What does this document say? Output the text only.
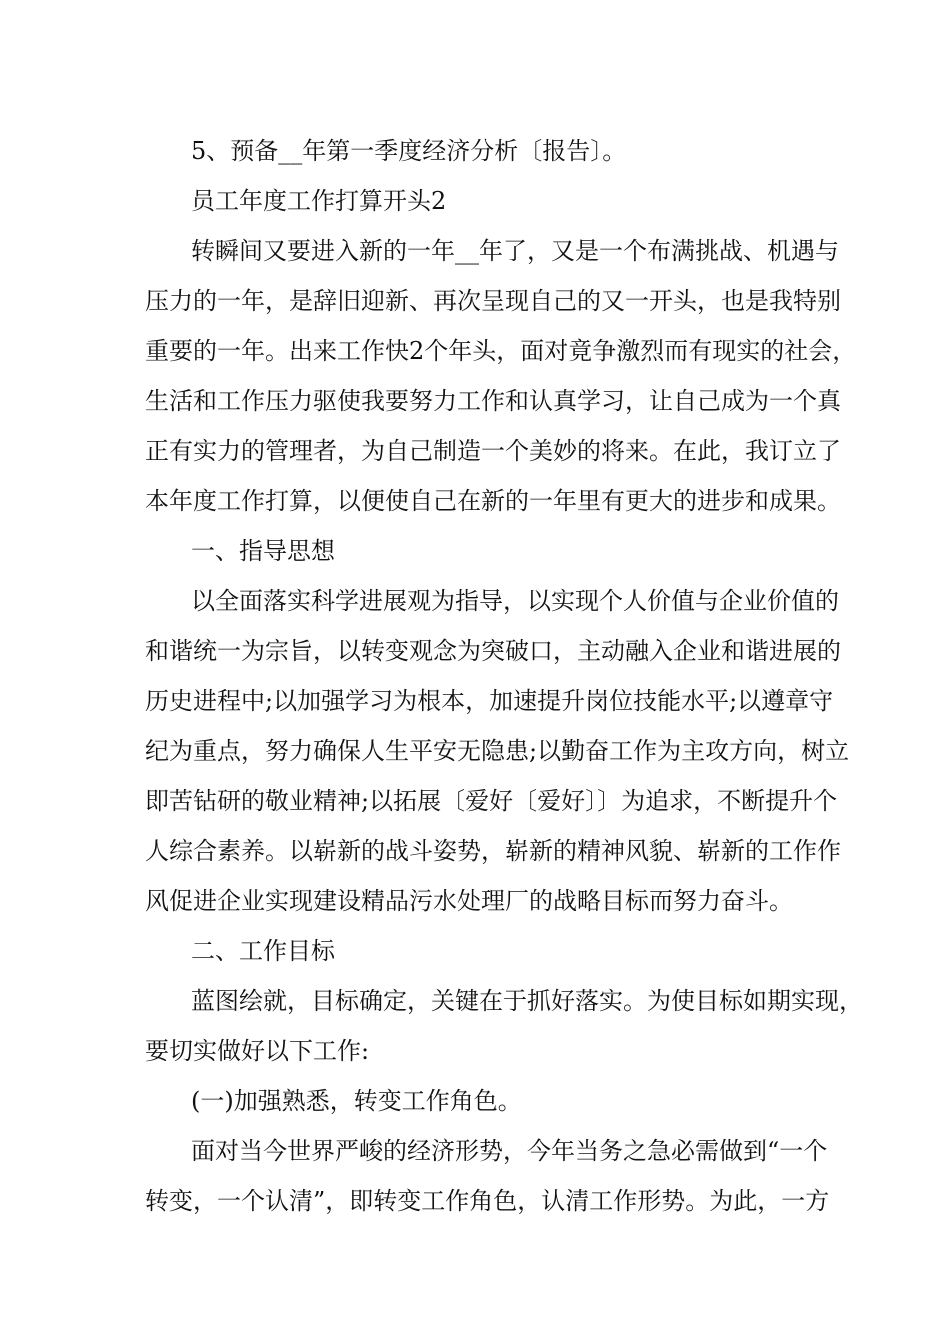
5、预备__年第一季度经济分析〔报告〕。

员工年度工作打算开头2

转瞬间又要进入新的一年__年了，又是一个布满挑战、机遇与
压力的一年，是辞旧迎新、再次呈现自己的又一开头，也是我特别
重要的一年。出来工作快2个年头，面对竟争激烈而有现实的社会，
生活和工作压力驱使我要努力工作和认真学习，让自己成为一个真
正有实力的管理者，为自己制造一个美妙的将来。在此，我订立了
本年度工作打算，以便使自己在新的一年里有更大的进步和成果。

一、指导思想

以全面落实科学进展观为指导，以实现个人价值与企业价值的
和谐统一为宗旨，以转变观念为突破口，主动融入企业和谐进展的
历史进程中;以加强学习为根本，加速提升岗位技能水平;以遵章守
纪为重点，努力确保人生平安无隐患;以勤奋工作为主攻方向，树立
即苦钻研的敬业精神;以拓展〔爱好〔爱好〕〕为追求，不断提升个
人综合素养。以崭新的战斗姿势，崭新的精神风貌、崭新的工作作
风促进企业实现建设精品污水处理厂的战略目标而努力奋斗。

二、工作目标

蓝图绘就，目标确定，关键在于抓好落实。为使目标如期实现，
要切实做好以下工作:

(一)加强熟悉，转变工作角色。

面对当今世界严峻的经济形势，今年当务之急必需做到“一个
转变，一个认清”，即转变工作角色，认清工作形势。为此，一方
